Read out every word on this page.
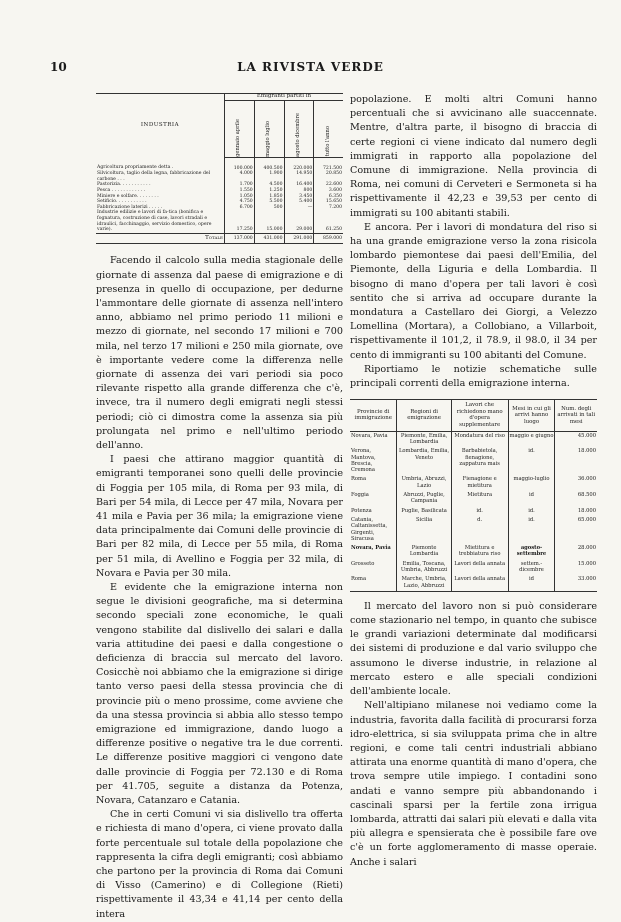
10	LA RIVISTA VERDE
INDUSTRIA	Emigranti partiti in			

	gennaio aprile	maggio luglio	agosto dicembre	tutto l'anno

Agricoltura propriamente detta .	100.000	400.500	220.000	721.500
Silvicoltura, taglio della legna, fabbricazione del carbone . . .	4.000	1.900	14.950	20.850
Pastorizia. . . . . . . . . . .	1.700	4.500	16.400	22.600
Pesca . . . . . . . . . . . .	1.550	1.250	800	3.600
Miniere e solfare. . . . . . . .	1.050	1.850	3.450	6.350
Setificio. . . . . . . . . . .	4.750	5.500	5.400	15.650
Fabbricazione laterizi . . . . .	6.700	500	—	7.200
Industrie edilizie e lavori di fa-tica (bonifica e fognatura, costruzione di case, lavori stradali e idraulici, facchinaggio, servizio domestico, opere varie).	17.250	15.000	29.000	61.250
Totale	137.000	431.000	291.000	859.000

Facendo il calcolo sulla media stagionale delle giornate di assenza dal paese di emigrazione e di presenza in quello di occupazione, per dedurne l'ammontare delle giornate di assenza nell'intero anno, abbiamo nel primo periodo 11 milioni e mezzo di giornate, nel secondo 17 milioni e 700 mila, nel terzo 17 milioni e 250 mila giornate, ove è importante vedere come la differenza nelle giornate di assenza dei vari periodi sia poco rilevante rispetto alla grande differenza che c'è, invece, tra il numero degli emigrati negli stessi periodi; ciò ci dimostra come la assenza sia più prolungata nel primo e nell'ultimo periodo dell'anno.

I paesi che attirano maggior quantità di emigranti temporanei sono quelli delle provincie di Foggia per 105 mila, di Roma per 93 mila, di Bari per 54 mila, di Lecce per 47 mila, Novara per 41 mila e Pavia per 36 mila; la emigrazione viene data principalmente dai Comuni delle provincie di Bari per 82 mila, di Lecce per 55 mila, di Roma per 51 mila, di Avellino e Foggia per 32 mila, di Novara e Pavia per 30 mila.

E evidente che la emigrazione interna non segue le divisioni geografiche, ma si determina secondo speciali zone economiche, le quali vengono stabilite dal dislivello dei salari e dalla varia attitudine dei paesi e dalla congestione o deficienza di braccia sul mercato del lavoro. Cosicchè noi abbiamo che la emigrazione si dirige tanto verso paesi della stessa provincia che di provincie più o meno prossime, come avviene che da una stessa provincia si abbia allo stesso tempo emigrazione ed immigrazione, dando luogo a differenze positive o negative tra le due correnti. Le differenze positive maggiori ci vengono date dalle provincie di Foggia per 72.130 e di Roma per 41.705, seguite a distanza da Potenza, Novara, Catanzaro e Catania.

Che in certi Comuni vi sia dislivello tra offerta e richiesta di mano d'opera, ci viene provato dalla forte percentuale sul totale della popolazione che rappresenta la cifra degli emigranti; così abbiamo che partono per la provincia di Roma dai Comuni di Visso (Camerino) e di Collegione (Rieti) rispettivamente il 43,34 e 41,14 per cento della intera

popolazione. E molti altri Comuni hanno percentuali che si avvicinano alle suaccennate. Mentre, d'altra parte, il bisogno di braccia di certe regioni ci viene indicato dal numero degli immigrati in rapporto alla popolazione del Comune di immigrazione. Nella provincia di Roma, nei comuni di Cerveteri e Sermoneta si ha rispettivamente il 42,23 e 39,53 per cento di immigrati su 100 abitanti stabili.

E ancora. Per i lavori di mondatura del riso si ha una grande emigrazione verso la zona risicola lombardo piemontese dai paesi dell'Emilia, del Piemonte, della Liguria e della Lombardia. Il bisogno di mano d'opera per tali lavori è così sentito che si arriva ad occupare durante la mondatura a Castellaro dei Giorgi, a Velezzo Lomellina (Mortara), a Collobiano, a Villarboit, rispettivamente il 101,2, il 78.9, il 98.0, il 34 per cento di immigranti su 100 abitanti del Comune.

Riportiamo le notizie schematiche sulle principali correnti della emigrazione interna.

Provincie di immigrazione	Regioni di emigrazione	Lavori che richiedono mano d'opera supplementare	Mesi in cui gli arrivi hanno luogo	Num. degli arrivati in tali mesi
Novara, Pavia	Piemonte, Emilia, Lombardia	Mondatura del riso	maggio e giugno	45.000
Verona, Mantova, Brescia, Cremona	Lombardia, Emilia, Veneto	Barbabietola, fienagione, zappatura mais	id.	18.000
Roma	Umbria, Abruzzi, Lazio	Fienagione e mietitura	maggio-luglio	36.000
Foggia	Abruzzi, Puglie, Campania	Mietitura	id	68.500
Potenza	Puglie, Basilicata	id.	id.	18.000
Catania, Caltanissetta, Girgenti, Siracusa	Sicilia	d.	id.	65.000
Novara, Pavia	Piemonte Lombardia	Mietitura e trebbiatura riso	agosto-settembre	28.000
Grosseto	Emilia, Toscana, Umbria, Abbruzzi	Lavori della annata	settem.-dicembre	15.000
Roma	Marche, Umbria, Lazio, Abbruzzi	Lavori della annata	id	33.000

Il mercato del lavoro non si può considerare come stazionario nel tempo, in quanto che subisce le grandi variazioni determinate dal modificarsi dei sistemi di produzione e dal vario sviluppo che assumono le diverse industrie, in relazione al mercato estero e alle speciali condizioni dell'ambiente locale.

Nell'altipiano milanese noi vediamo come la industria, favorita dalla facilità di procurarsi forza idro-elettrica, si sia sviluppata prima che in altre regioni, e come tali centri industriali abbiano attirata una enorme quantità di mano d'opera, che trova sempre utile impiego. I contadini sono andati e vanno sempre più abbandonando i cascinali sparsi per la fertile zona irrigua lombarda, attratti dai salari più elevati e dalla vita più allegra e spensierata che è possibile fare ove c'è un forte agglomeramento di masse operaie. Anche i salari
